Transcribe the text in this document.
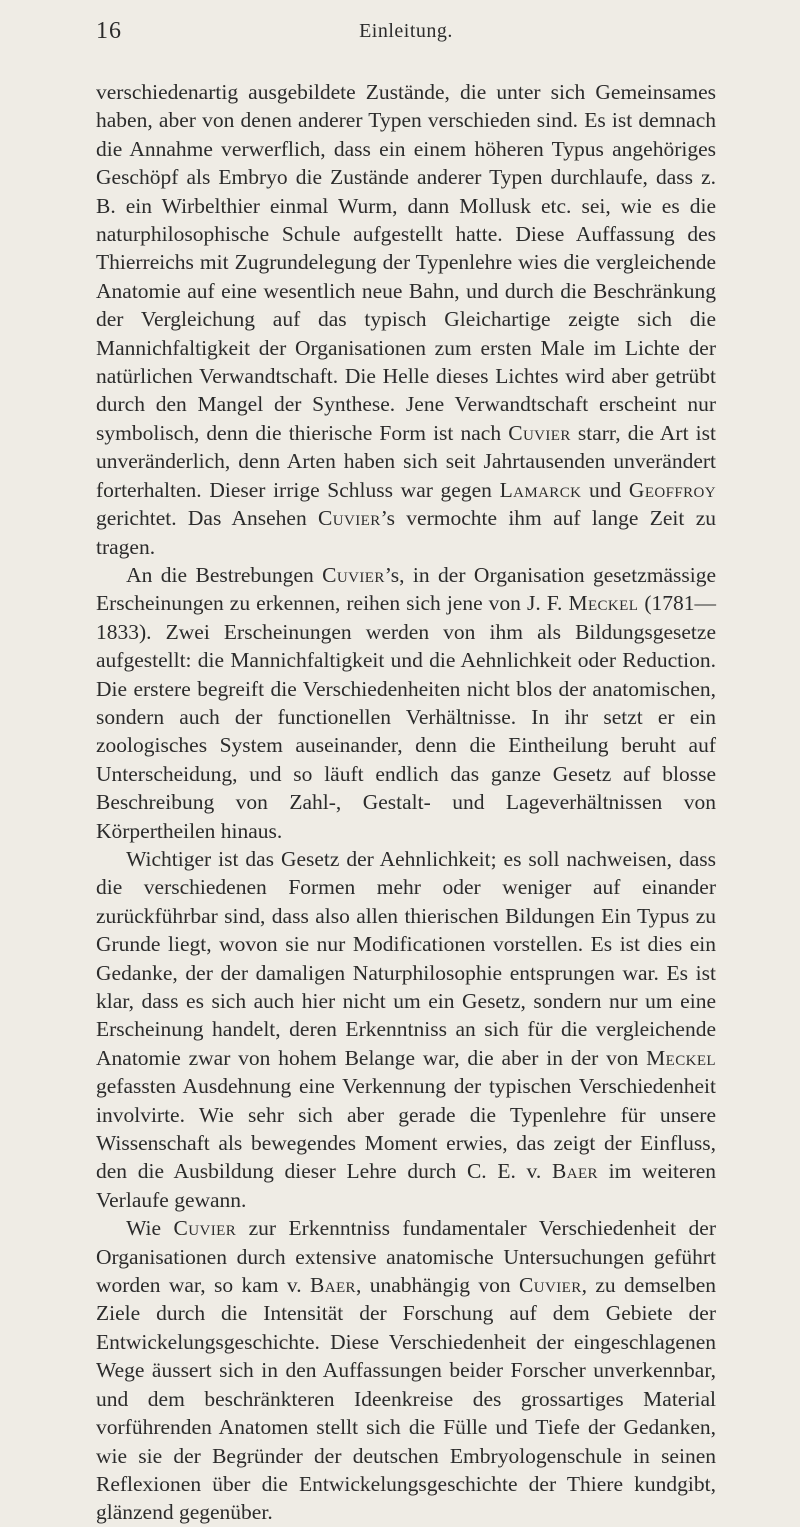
16	Einleitung.

verschiedenartig ausgebildete Zustände, die unter sich Gemeinsames haben, aber von denen anderer Typen verschieden sind. Es ist demnach die Annahme verwerflich, dass ein einem höheren Typus angehöriges Geschöpf als Embryo die Zustände anderer Typen durchlaufe, dass z. B. ein Wirbelthier einmal Wurm, dann Mollusk etc. sei, wie es die naturphilosophische Schule aufgestellt hatte. Diese Auffassung des Thierreichs mit Zugrundelegung der Typenlehre wies die vergleichende Anatomie auf eine wesentlich neue Bahn, und durch die Beschränkung der Vergleichung auf das typisch Gleichartige zeigte sich die Mannichfaltigkeit der Organisationen zum ersten Male im Lichte der natürlichen Verwandtschaft. Die Helle dieses Lichtes wird aber getrübt durch den Mangel der Synthese. Jene Verwandtschaft erscheint nur symbolisch, denn die thierische Form ist nach Cuvier starr, die Art ist unveränderlich, denn Arten haben sich seit Jahrtausenden unverändert forterhalten. Dieser irrige Schluss war gegen Lamarck und Geoffroy gerichtet. Das Ansehen Cuvier’s vermochte ihm auf lange Zeit zu tragen.

An die Bestrebungen Cuvier’s, in der Organisation gesetzmässige Erscheinungen zu erkennen, reihen sich jene von J. F. Meckel (1781—1833). Zwei Erscheinungen werden von ihm als Bildungsgesetze aufgestellt: die Mannichfaltigkeit und die Aehnlichkeit oder Reduction. Die erstere begreift die Verschiedenheiten nicht blos der anatomischen, sondern auch der functionellen Verhältnisse. In ihr setzt er ein zoologisches System auseinander, denn die Eintheilung beruht auf Unterscheidung, und so läuft endlich das ganze Gesetz auf blosse Beschreibung von Zahl-, Gestalt- und Lageverhältnissen von Körpertheilen hinaus.

Wichtiger ist das Gesetz der Aehnlichkeit; es soll nachweisen, dass die verschiedenen Formen mehr oder weniger auf einander zurückführbar sind, dass also allen thierischen Bildungen Ein Typus zu Grunde liegt, wovon sie nur Modificationen vorstellen. Es ist dies ein Gedanke, der der damaligen Naturphilosophie entsprungen war. Es ist klar, dass es sich auch hier nicht um ein Gesetz, sondern nur um eine Erscheinung handelt, deren Erkenntniss an sich für die vergleichende Anatomie zwar von hohem Belange war, die aber in der von Meckel gefassten Ausdehnung eine Verkennung der typischen Verschiedenheit involvirte. Wie sehr sich aber gerade die Typenlehre für unsere Wissenschaft als bewegendes Moment erwies, das zeigt der Einfluss, den die Ausbildung dieser Lehre durch C. E. v. Baer im weiteren Verlaufe gewann.

Wie Cuvier zur Erkenntniss fundamentaler Verschiedenheit der Organisationen durch extensive anatomische Untersuchungen geführt worden war, so kam v. Baer, unabhängig von Cuvier, zu demselben Ziele durch die Intensität der Forschung auf dem Gebiete der Entwickelungsgeschichte. Diese Verschiedenheit der eingeschlagenen Wege äussert sich in den Auffassungen beider Forscher unverkennbar, und dem beschränkteren Ideenkreise des grossartiges Material vorführenden Anatomen stellt sich die Fülle und Tiefe der Gedanken, wie sie der Begründer der deutschen Embryologenschule in seinen Reflexionen über die Entwickelungsgeschichte der Thiere kundgibt, glänzend gegenüber.
